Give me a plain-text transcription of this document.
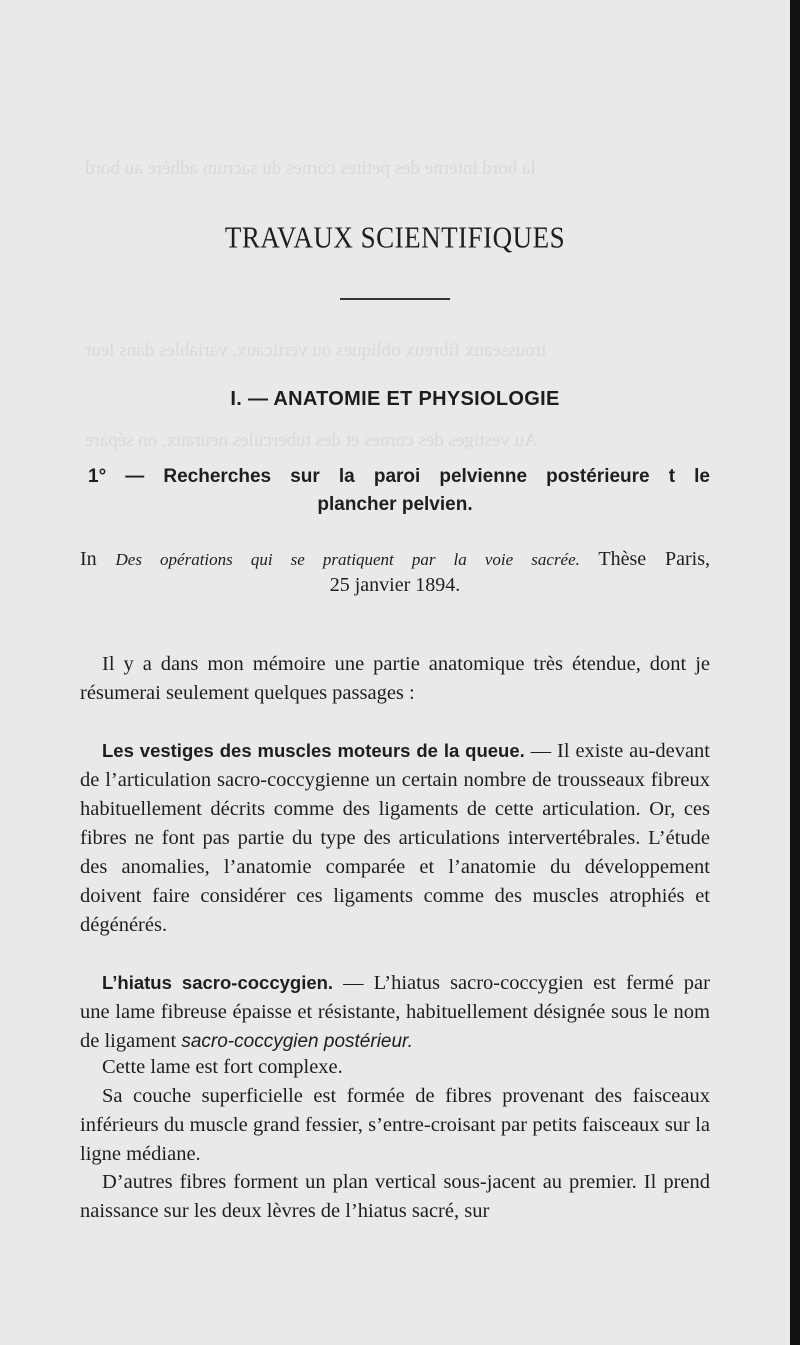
la bord interne des petites cornes du sacrum adhère au bord
trousseaux fibreux obliques ou verticaux, variables dans leur
Au vestiges des cornes et des tubercules neuraux, on sépare
TRAVAUX SCIENTIFIQUES
I. — ANATOMIE ET PHYSIOLOGIE
1° — Recherches sur la paroi pelvienne postérieure t le
plancher pelvien.
In Des opérations qui se pratiquent par la voie sacrée. Thèse Paris,
25 janvier 1894.
Il y a dans mon mémoire une partie anatomique très étendue, dont je résumerai seulement quelques passages :
Les vestiges des muscles moteurs de la queue. — Il existe au-devant de l’articulation sacro-coccygienne un certain nombre de trousseaux fibreux habituellement décrits comme des ligaments de cette articulation. Or, ces fibres ne font pas partie du type des articulations intervertébrales. L’étude des anomalies, l’anatomie comparée et l’anatomie du développement doivent faire considérer ces ligaments comme des muscles atrophiés et dégénérés.
L’hiatus sacro-coccygien. — L’hiatus sacro-coccygien est fermé par une lame fibreuse épaisse et résistante, habituellement désignée sous le nom de ligament sacro-coccygien postérieur.
Cette lame est fort complexe.
Sa couche superficielle est formée de fibres provenant des faisceaux inférieurs du muscle grand fessier, s’entre-croisant par petits faisceaux sur la ligne médiane.
D’autres fibres forment un plan vertical sous-jacent au premier. Il prend naissance sur les deux lèvres de l’hiatus sacré, sur
